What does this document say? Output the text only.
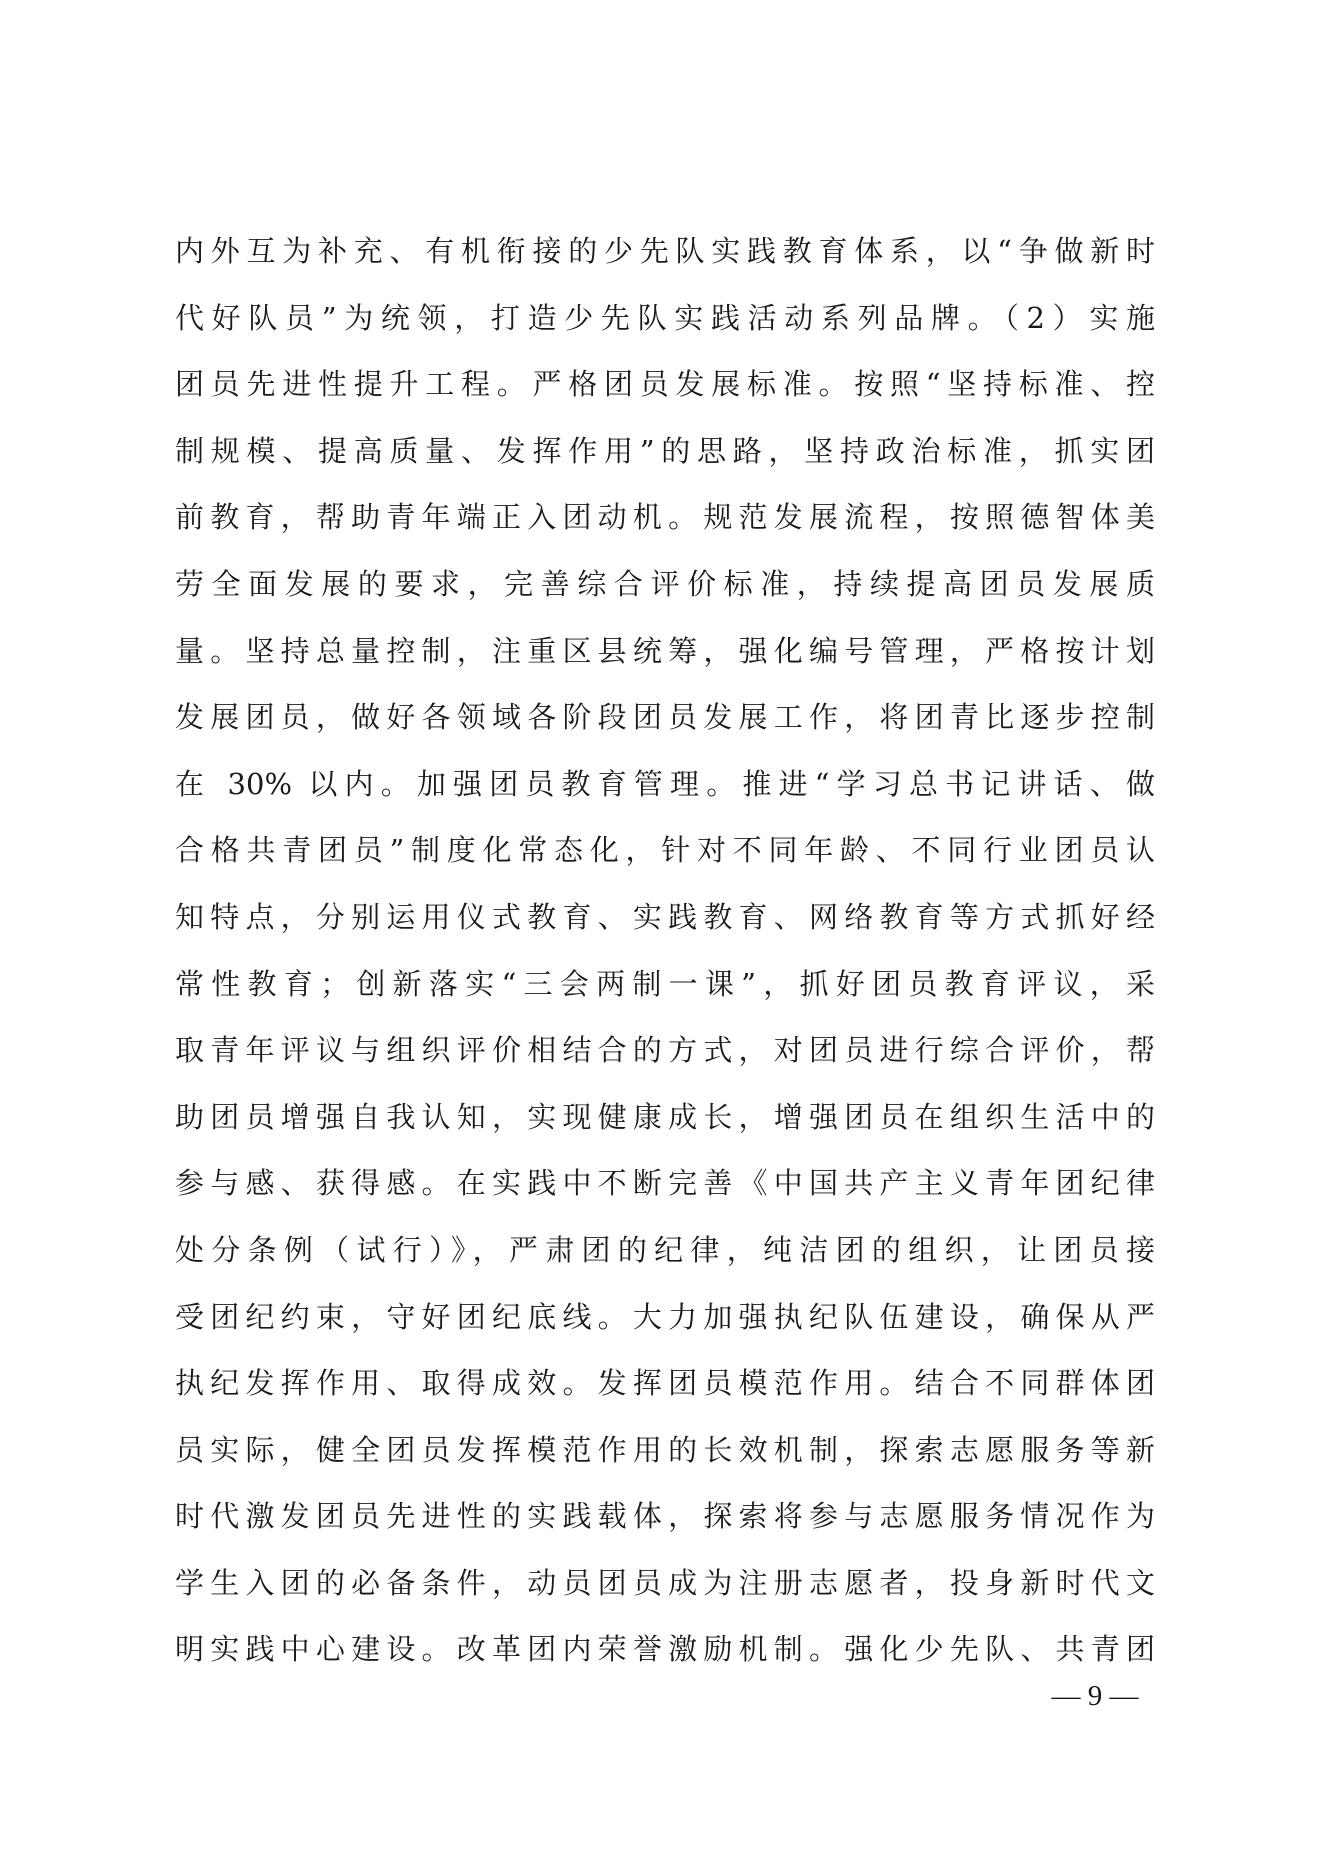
内外互为补充、有机衔接的少先队实践教育体系，以“争做新时
代好队员”为统领，打造少先队实践活动系列品牌。（2）实施
团员先进性提升工程。严格团员发展标准。按照“坚持标准、控
制规模、提高质量、发挥作用”的思路，坚持政治标准，抓实团
前教育，帮助青年端正入团动机。规范发展流程，按照德智体美
劳全面发展的要求，完善综合评价标准，持续提高团员发展质
量。坚持总量控制，注重区县统筹，强化编号管理，严格按计划
发展团员，做好各领域各阶段团员发展工作，将团青比逐步控制
在 30% 以内。加强团员教育管理。推进“学习总书记讲话、做
合格共青团员”制度化常态化，针对不同年龄、不同行业团员认
知特点，分别运用仪式教育、实践教育、网络教育等方式抓好经
常性教育；创新落实“三会两制一课”，抓好团员教育评议，采
取青年评议与组织评价相结合的方式，对团员进行综合评价，帮
助团员增强自我认知，实现健康成长，增强团员在组织生活中的
参与感、获得感。在实践中不断完善《中国共产主义青年团纪律
处分条例（试行）》，严肃团的纪律，纯洁团的组织，让团员接
受团纪约束，守好团纪底线。大力加强执纪队伍建设，确保从严
执纪发挥作用、取得成效。发挥团员模范作用。结合不同群体团
员实际，健全团员发挥模范作用的长效机制，探索志愿服务等新
时代激发团员先进性的实践载体，探索将参与志愿服务情况作为
学生入团的必备条件，动员团员成为注册志愿者，投身新时代文
明实践中心建设。改革团内荣誉激励机制。强化少先队、共青团
— 9 —
